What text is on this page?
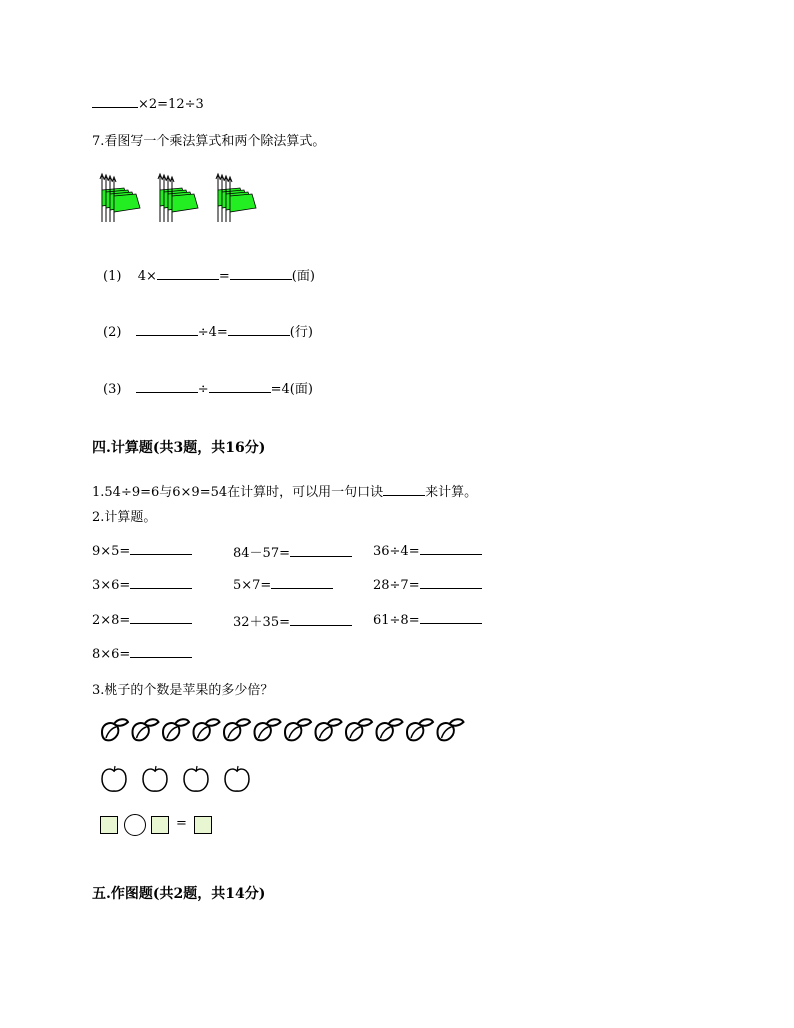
×2=12÷3
7.看图写一个乘法算式和两个除法算式。
(1) 4×	=	(面)
(2)	÷4=	(行)
(3)	÷	=4(面)
四.计算题(共3题，共16分)
1.54÷9=6与6×9=54在计算时，可以用一句口诀	来计算。
2.计算题。
9×5=	84－57=	36÷4=
3×6=	5×7=	28÷7=
2×8=	32＋35=	61÷8=
8×6=
3.桃子的个数是苹果的多少倍？
=
五.作图题(共2题，共14分)
